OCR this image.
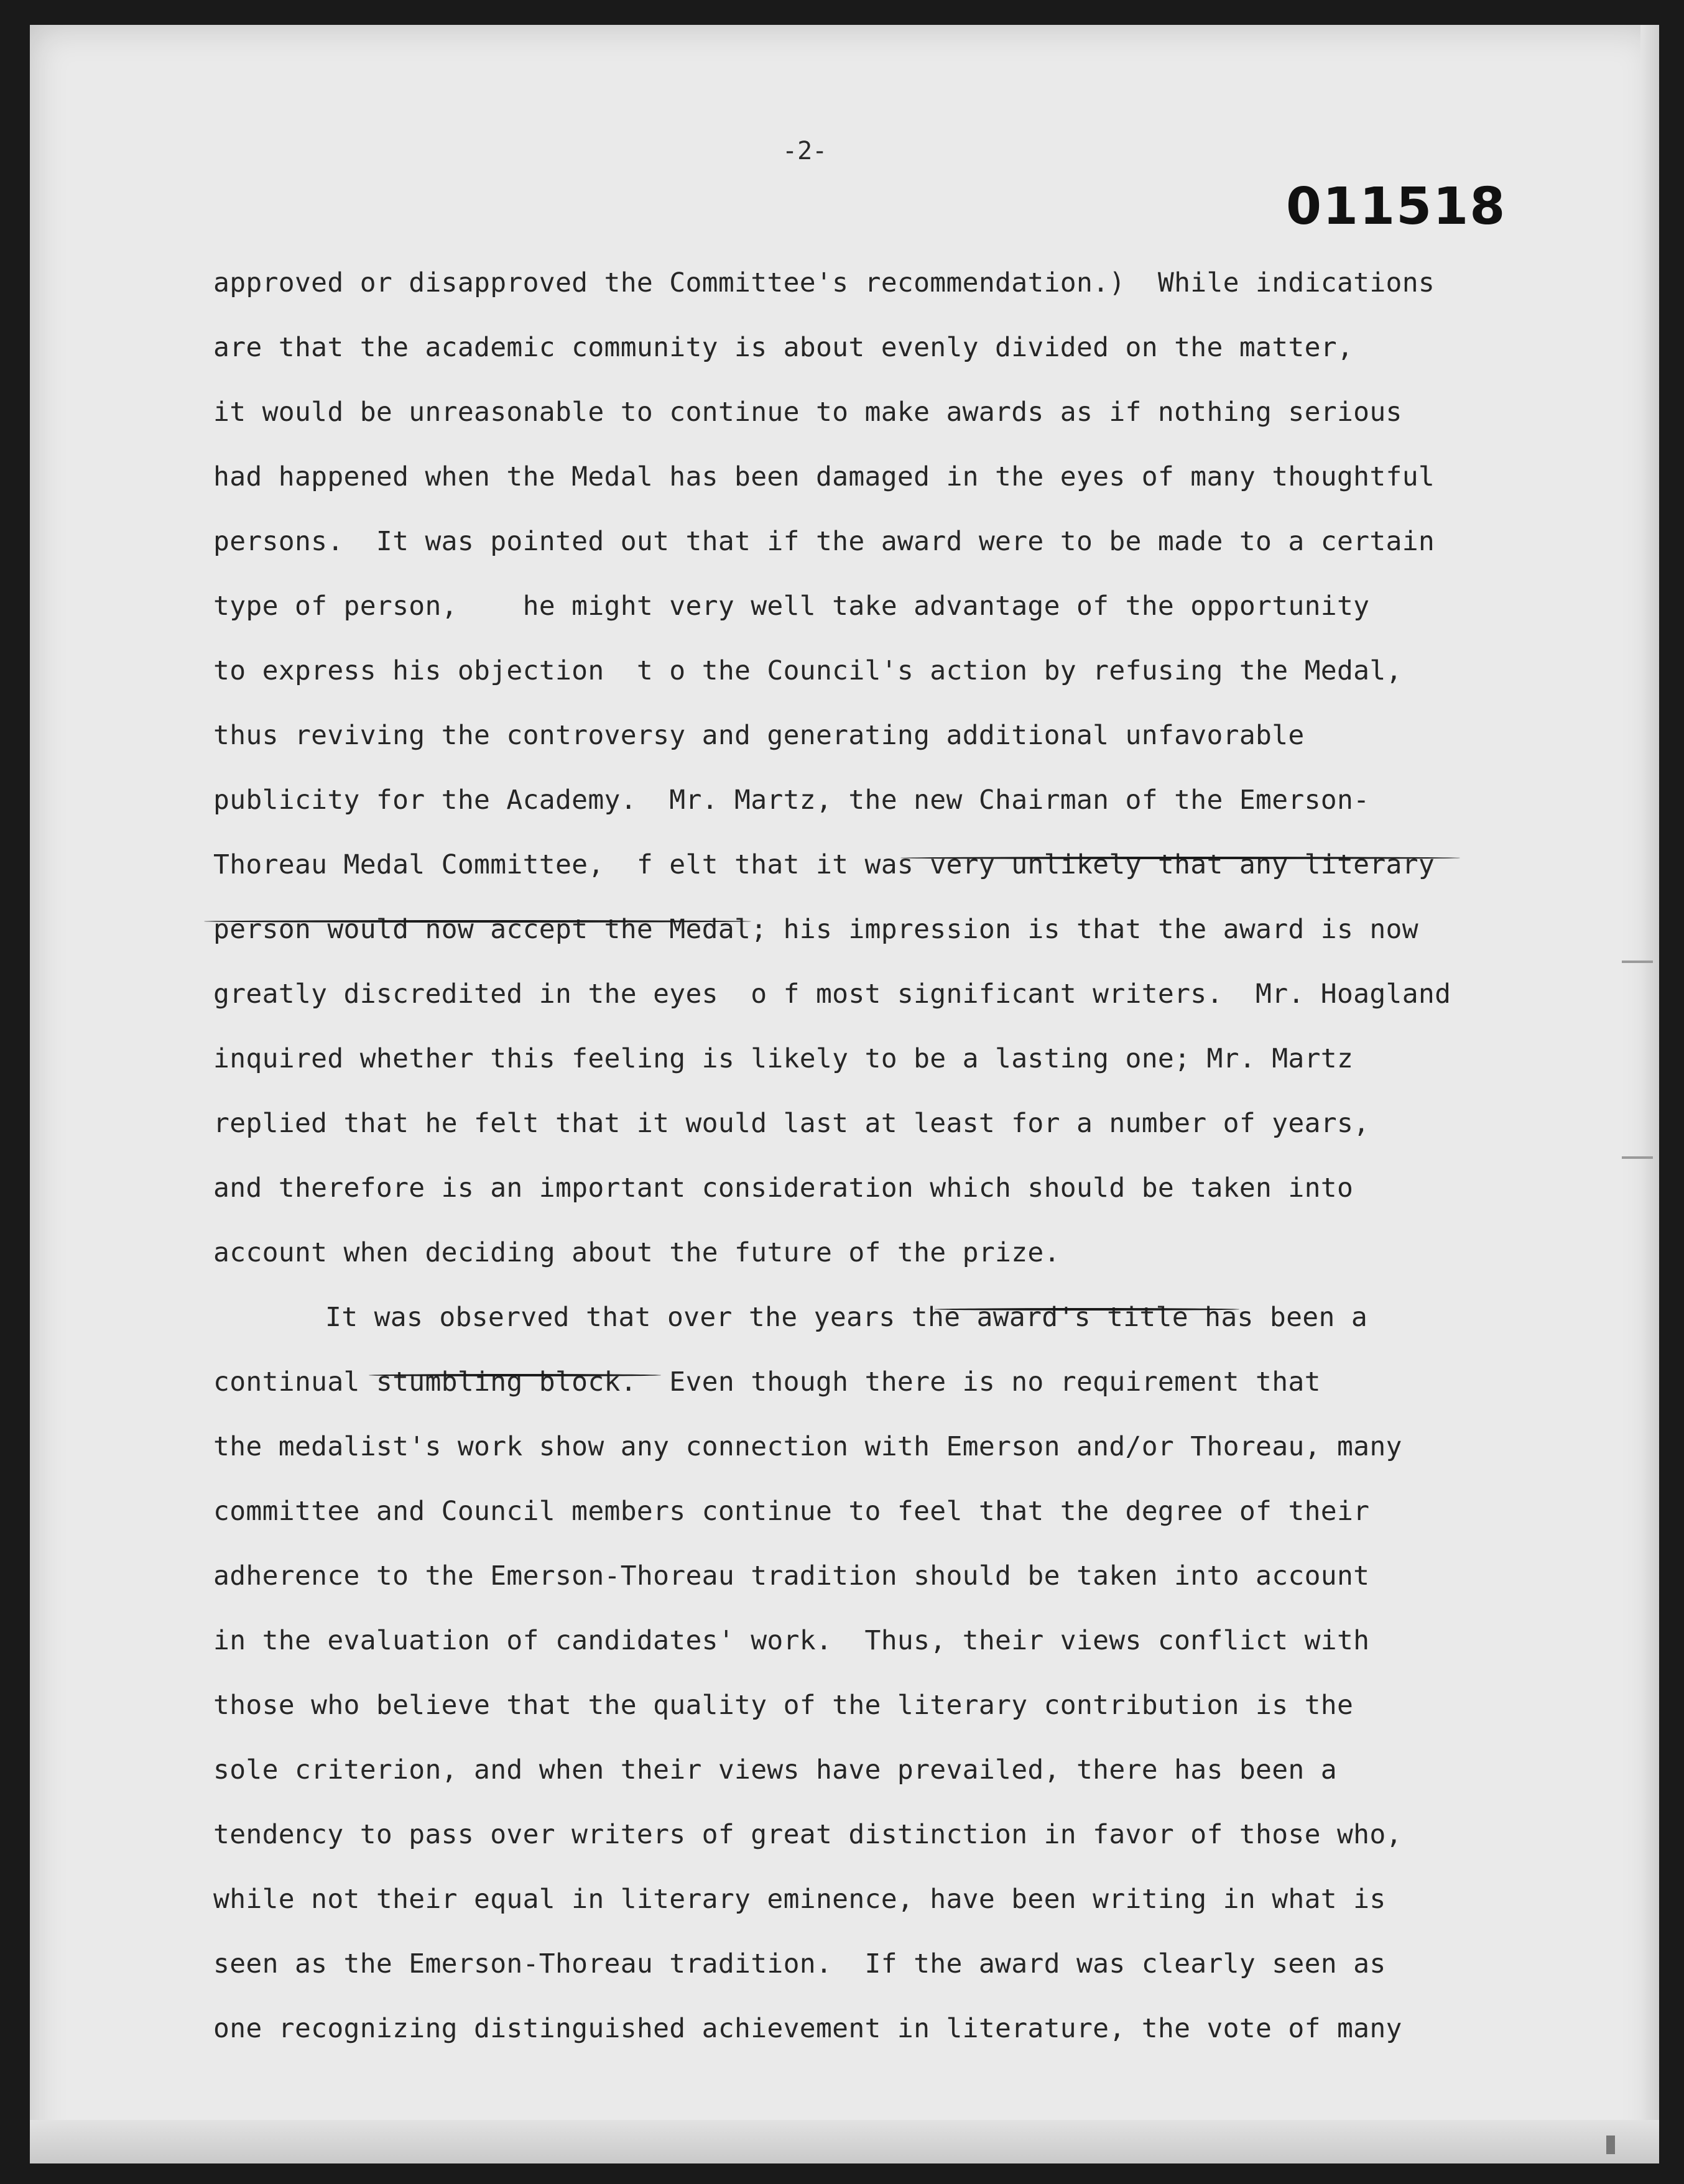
-2-
011518
approved or disapproved the Committee's recommendation.)  While indications
are that the academic community is about evenly divided on the matter,
it would be unreasonable to continue to make awards as if nothing serious
had happened when the Medal has been damaged in the eyes of many thoughtful
persons.  It was pointed out that if the award were to be made to a certain
type of person,    he might very well take advantage of the opportunity
to express his objection  t o the Council's action by refusing the Medal,
thus reviving the controversy and generating additional unfavorable
publicity for the Academy.  Mr. Martz, the new Chairman of the Emerson-
Thoreau Medal Committee,  f elt that it was very unlikely that any literary
person would now accept the Medal; his impression is that the award is now
greatly discredited in the eyes  o f most significant writers.  Mr. Hoagland
inquired whether this feeling is likely to be a lasting one; Mr. Martz
replied that he felt that it would last at least for a number of years,
and therefore is an important consideration which should be taken into
account when deciding about the future of the prize.
It was observed that over the years the award's title has been a
continual stumbling block.  Even though there is no requirement that
the medalist's work show any connection with Emerson and/or Thoreau, many
committee and Council members continue to feel that the degree of their
adherence to the Emerson-Thoreau tradition should be taken into account
in the evaluation of candidates' work.  Thus, their views conflict with
those who believe that the quality of the literary contribution is the
sole criterion, and when their views have prevailed, there has been a
tendency to pass over writers of great distinction in favor of those who,
while not their equal in literary eminence, have been writing in what is
seen as the Emerson-Thoreau tradition.  If the award was clearly seen as
one recognizing distinguished achievement in literature, the vote of many
